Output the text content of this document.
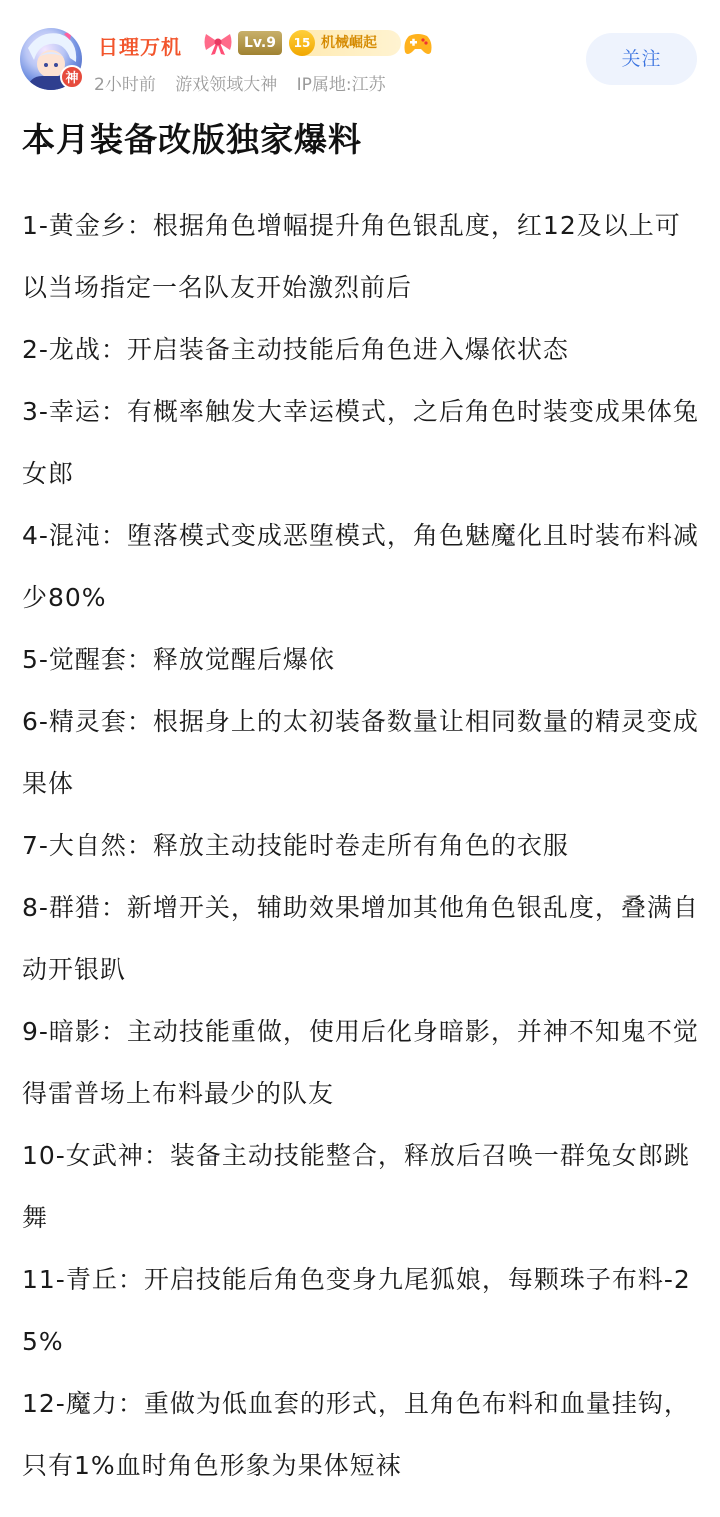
神
日理万机	Lv.9	15 机械崛起
2小时前 游戏领域大神 IP属地:江苏
关注
本月装备改版独家爆料

1-黄金乡：根据角色增幅提升角色银乱度，红12及以上可以当场指定一名队友开始激烈前后

2-龙战：开启装备主动技能后角色进入爆依状态

3-幸运：有概率触发大幸运模式，之后角色时装变成果体兔女郎

4-混沌：堕落模式变成恶堕模式，角色魅魔化且时装布料减少80%

5-觉醒套：释放觉醒后爆依

6-精灵套：根据身上的太初装备数量让相同数量的精灵变成果体

7-大自然：释放主动技能时卷走所有角色的衣服

8-群猎：新增开关，辅助效果增加其他角色银乱度，叠满自动开银趴

9-暗影：主动技能重做，使用后化身暗影，并神不知鬼不觉得雷普场上布料最少的队友

10-女武神：装备主动技能整合，释放后召唤一群兔女郎跳舞

11-青丘：开启技能后角色变身九尾狐娘，每颗珠子布料-25%

12-魔力：重做为低血套的形式，且角色布料和血量挂钩，只有1%血时角色形象为果体短袜
